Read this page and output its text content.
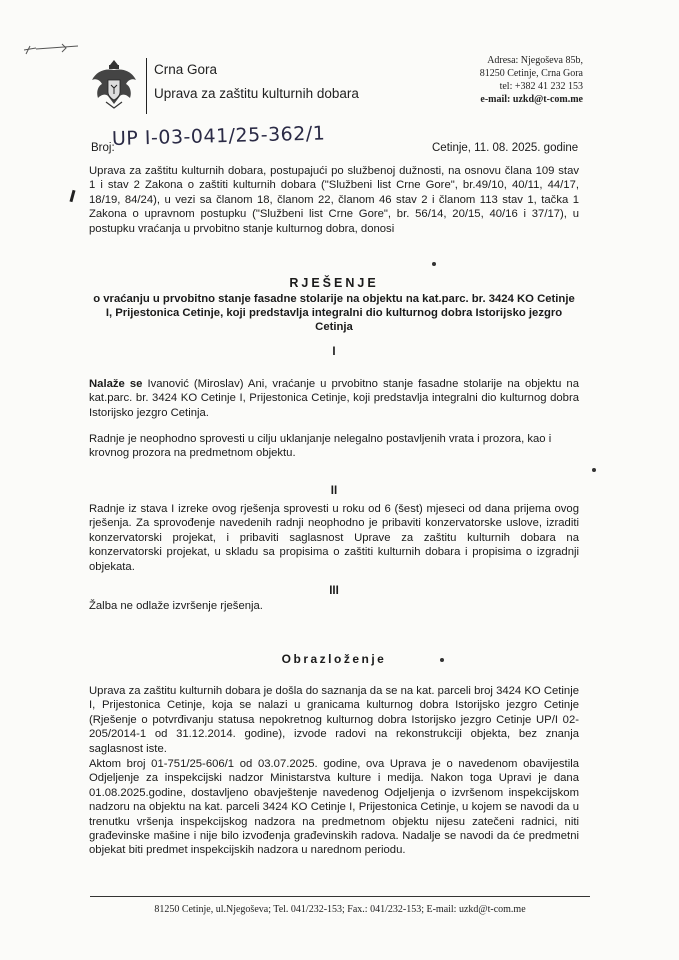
Crna Gora
Uprava za zaštitu kulturnih dobara
Adresa: Njegoševa 85b,
81250 Cetinje, Crna Gora
tel: +382 41 232 153
e-mail: uzkd@t-com.me
Broj:
UP I-03-041/25-362/1	Cetinje, 11. 08. 2025. godine
Uprava za zaštitu kulturnih dobara, postupajući po službenoj dužnosti, na osnovu člana 109 stav 1 i stav 2 Zakona o zaštiti kulturnih dobara ("Službeni list Crne Gore", br.49/10, 40/11, 44/17, 18/19, 84/24), u vezi sa članom 18, članom 22, članom 46 stav 2 i članom 113 stav 1, tačka 1 Zakona o upravnom postupku ("Službeni list Crne Gore", br. 56/14, 20/15, 40/16 i 37/17), u postupku vraćanja u prvobitno stanje kulturnog dobra, donosi
RJEŠENJE
o vraćanju u prvobitno stanje fasadne stolarije na objektu na kat.parc. br. 3424 KO Cetinje I, Prijestonica Cetinje, koji predstavlja integralni dio kulturnog dobra Istorijsko jezgro Cetinja
I
Nalaže se Ivanović (Miroslav) Ani, vraćanje u prvobitno stanje fasadne stolarije na objektu na kat.parc. br. 3424 KO Cetinje I, Prijestonica Cetinje, koji predstavlja integralni dio kulturnog dobra Istorijsko jezgro Cetinja.
Radnje je neophodno sprovesti u cilju uklanjanje nelegalno postavljenih vrata i prozora, kao i krovnog prozora na predmetnom objektu.
II
Radnje iz stava I izreke ovog rješenja sprovesti u roku od 6 (šest) mjeseci od dana prijema ovog rješenja. Za sprovođenje navedenih radnji neophodno je pribaviti konzervatorske uslove, izraditi konzervatorski projekat, i pribaviti saglasnost Uprave za zaštitu kulturnih dobara na konzervatorski projekat, u skladu sa propisima o zaštiti kulturnih dobara i propisima o izgradnji objekata.
III
Žalba ne odlaže izvršenje rješenja.
Obrazloženje
Uprava za zaštitu kulturnih dobara je došla do saznanja da se na kat. parceli broj 3424 KO Cetinje I, Prijestonica Cetinje, koja se nalazi u granicama kulturnog dobra Istorijsko jezgro Cetinje (Rješenje o potvrđivanju statusa nepokretnog kulturnog dobra Istorijsko jezgro Cetinje UP/I 02-205/2014-1 od 31.12.2014. godine), izvode radovi na rekonstrukciji objekta, bez znanja saglasnost iste.
Aktom broj 01-751/25-606/1 od 03.07.2025. godine, ova Uprava je o navedenom obavijestila Odjeljenje za inspekcijski nadzor Ministarstva kulture i medija. Nakon toga Upravi je dana 01.08.2025.godine, dostavljeno obavještenje navedenog Odjeljenja o izvršenom inspekcijskom nadzoru na objektu na kat. parceli 3424 KO Cetinje I, Prijestonica Cetinje, u kojem se navodi da u trenutku vršenja inspekcijskog nadzora na predmetnom objektu nijesu zatečeni radnici, niti građevinske mašine i nije bilo izvođenja građevinskih radova. Nadalje se navodi da će predmetni objekat biti predmet inspekcijskih nadzora u narednom periodu.
81250 Cetinje, ul.Njegoševa; Tel. 041/232-153; Fax.: 041/232-153; E-mail: uzkd@t-com.me
